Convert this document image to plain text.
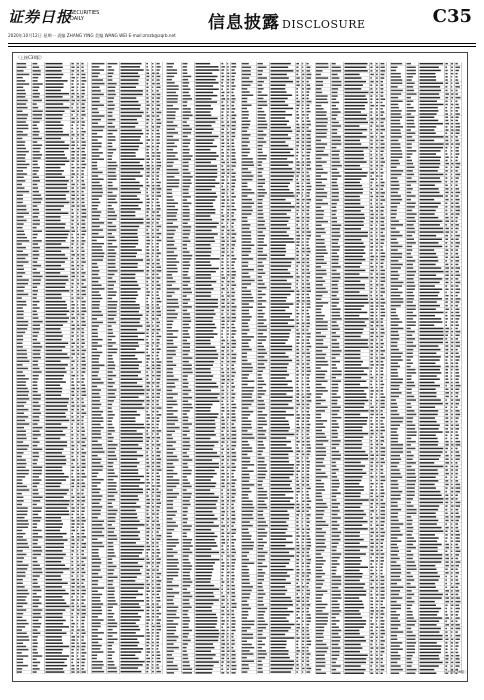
证券日报
SECURITIES DAILY
2020年10月12日 星期一 责编 ZHANG YING 美编 WANG WEI E-mail:zmzb@zqrb.net
信息披露 DISCLOSURE	C35
（上接C34版）
（下转C36版）
